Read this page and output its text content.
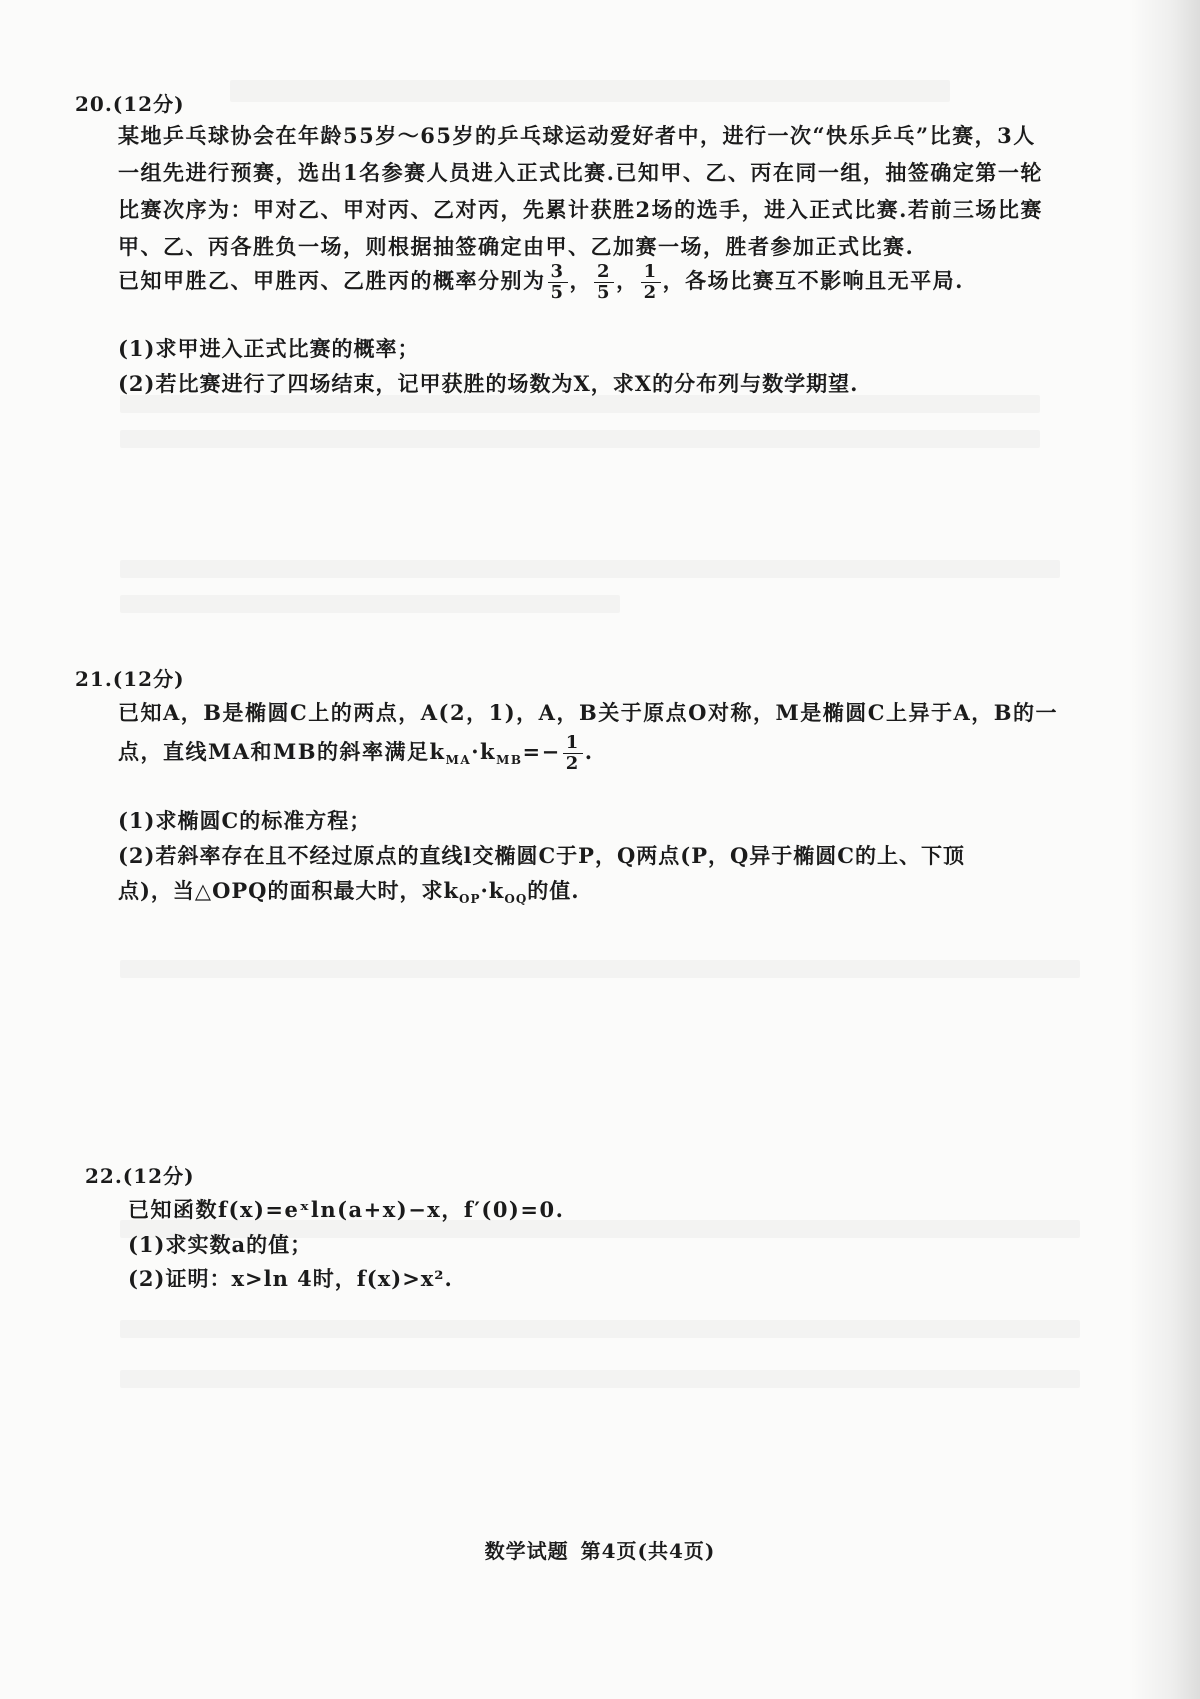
20.(12分)
某地乒乓球协会在年龄55岁～65岁的乒乓球运动爱好者中，进行一次“快乐乒乓”比赛，3人
一组先进行预赛，选出1名参赛人员进入正式比赛.已知甲、乙、丙在同一组，抽签确定第一轮
比赛次序为：甲对乙、甲对丙、乙对丙，先累计获胜2场的选手，进入正式比赛.若前三场比赛
甲、乙、丙各胜负一场，则根据抽签确定由甲、乙加赛一场，胜者参加正式比赛.
已知甲胜乙、甲胜丙、乙胜丙的概率分别为 $\frac{3}{5}$ ， $\frac{2}{5}$ ， $\frac{1}{2}$ ，各场比赛互不影响且无平局.
(1)求甲进入正式比赛的概率；
(2)若比赛进行了四场结束，记甲获胜的场数为X，求X的分布列与数学期望.
21.(12分)
已知A，B是椭圆C上的两点，A(2，1)，A，B关于原点O对称，M是椭圆C上异于A，B的一
点，直线MA和MB的斜率满足$k_{MA}\cdot k_{MB}=- \frac{1}{2}$ .
(1)求椭圆C的标准方程；
(2)若斜率存在且不经过原点的直线l交椭圆C于P，Q两点(P，Q异于椭圆C的上、下顶
点)，当△OPQ的面积最大时，求$k_{OP}\cdot k_{OQ}$的值.
22.(12分)
已知函数f(x)=eˣln(a+x)−x，f′(0)=0.
(1)求实数a的值；
(2)证明：x>ln 4时，f(x)>x².
数学试题 第4页(共4页)
